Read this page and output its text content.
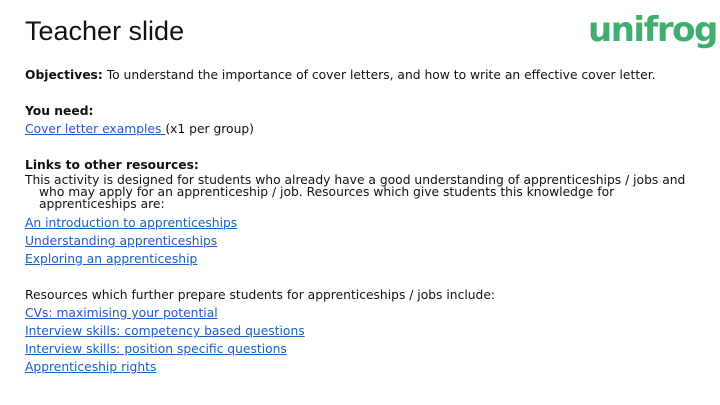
Teacher slide	unifrog
Objectives: To understand the importance of cover letters, and how to write an effective cover letter.
You need:
Cover letter examples (x1 per group)
Links to other resources:
This activity is designed for students who already have a good understanding of apprenticeships / jobs and who may apply for an apprenticeship / job. Resources which give students this knowledge for apprenticeships are:
An introduction to apprenticeships
Understanding apprenticeships
Exploring an apprenticeship
Resources which further prepare students for apprenticeships / jobs include:
CVs: maximising your potential
Interview skills: competency based questions
Interview skills: position specific questions
Apprenticeship rights
